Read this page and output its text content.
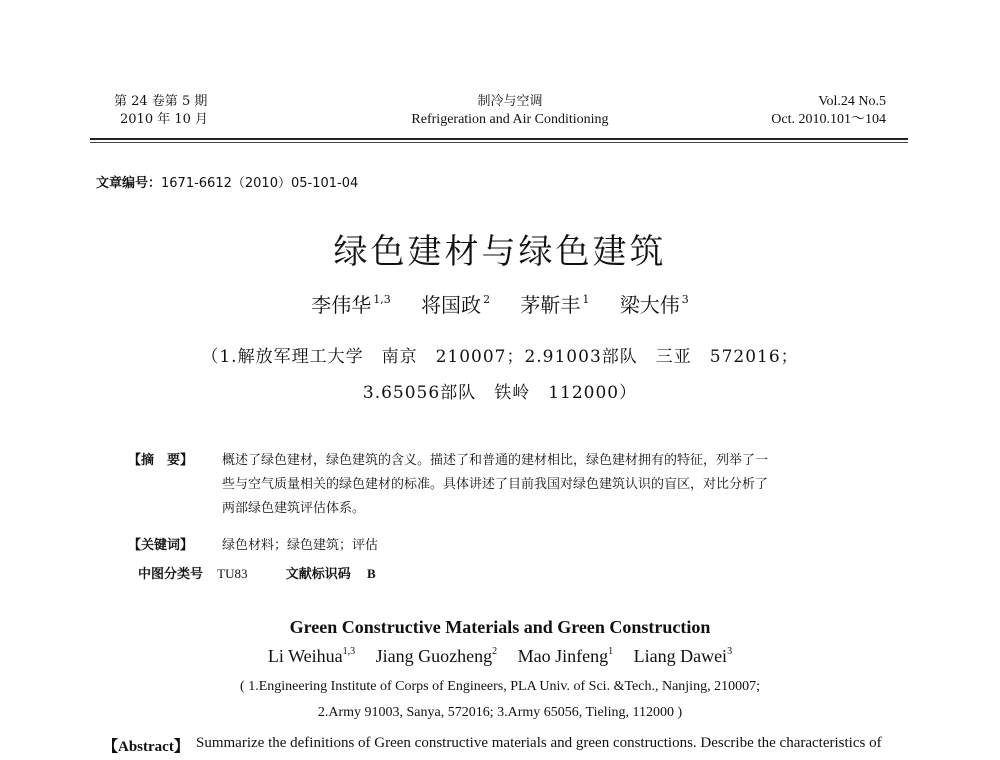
第 24 卷第 5 期
2010 年 10 月
制冷与空调
Refrigeration and Air Conditioning
Vol.24 No.5
Oct. 2010.101～104
文章编号：1671-6612（2010）05-101-04
绿色建材与绿色建筑
李伟华 $^{1,3}$ 将国政 $^2$ 茅靳丰 $^1$ 梁大伟 $^3$
（1.解放军理工大学　南京　210007；2.91003部队　三亚　572016；
3.65056部队　铁岭　112000）
【摘　要】 概述了绿色建材，绿色建筑的含义。描述了和普通的建材相比，绿色建材拥有的特征，列举了一
些与空气质量相关的绿色建材的标准。具体讲述了目前我国对绿色建筑认识的盲区，对比分析了
两部绿色建筑评估体系。
【关键词】 绿色材料；绿色建筑；评估
中图分类号 TU83	文献标识码 B
Green Constructive Materials and Green Construction
Li Weihua$^{1,3}$ Jiang Guozheng$^2$ Mao Jinfeng$^1$ Liang Dawei$^3$
( 1.Engineering Institute of Corps of Engineers, PLA Univ. of Sci. &Tech., Nanjing, 210007;
2.Army 91003, Sanya, 572016; 3.Army 65056, Tieling, 112000 )
【Abstract】 Summarize the definitions of Green constructive materials and green constructions. Describe the characteristics of
